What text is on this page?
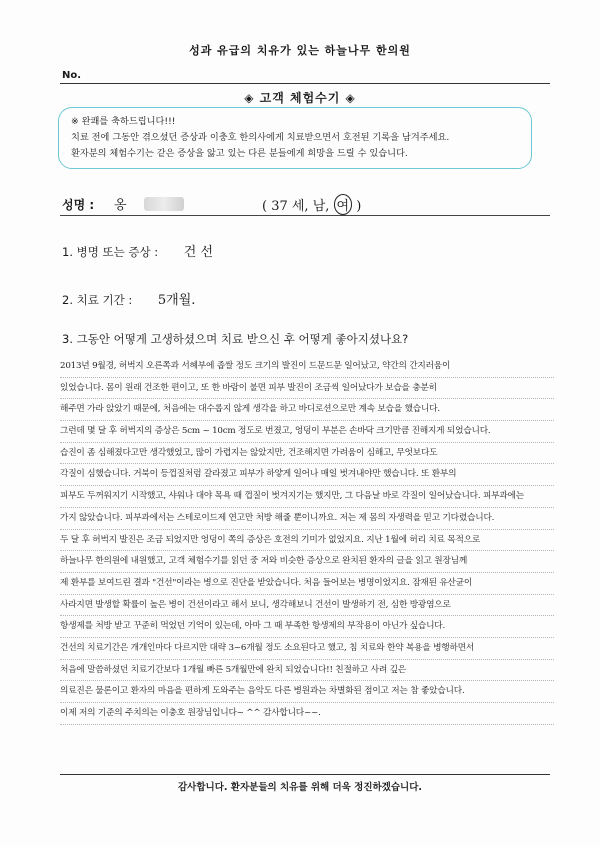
성과 유급의 치유가 있는 하늘나무 한의원
No.
◈ 고객 체험수기 ◈
※ 완쾌를 축하드립니다!!!
치료 전에 그동안 겪으셨던 증상과 이충호 한의사에게 치료받으면서 호전된 기록을 남겨주세요.
환자분의 체험수기는 같은 증상을 앓고 있는 다른 분들에게 희망을 드릴 수 있습니다.
성명 : 옹	( 37 세, 남, 여 )
1. 병명 또는 증상 : 건 선
2. 치료 기간 : 5개월.
3. 그동안 어떻게 고생하셨으며 치료 받으신 후 어떻게 좋아지셨나요?
2013년 9월경, 허벅지 오른쪽과 서혜부에 좁쌀 정도 크기의 발진이 드문드문 일어났고, 약간의 간지러움이
있었습니다. 몸이 원래 건조한 편이고, 또 한 바람이 불면 피부 발진이 조금씩 일어났다가 보습을 충분히
해주면 가라 앉았기 때문에, 처음에는 대수롭지 않게 생각을 하고 바디로션으로만 계속 보습을 했습니다.
그런데 몇 달 후 허벅지의 증상은 5cm ~ 10cm 정도로 번졌고, 엉덩이 부분은 손바닥 크기만큼 진해지게 되었습니다.
습진이 좀 심해졌다고만 생각했었고, 많이 가렵지는 않았지만, 건조해지면 가려움이 심해고, 무엇보다도
각질이 심했습니다. 거북이 등껍질처럼 갈라졌고 피부가 하얗게 일어나 매일 벗겨내야만 했습니다. 또 환부의
피부도 두꺼워지기 시작했고, 샤워나 대야 목욕 때 껍질이 벗겨지기는 했지만, 그 다음날 바로 각질이 일어났습니다. 피부과에는
가지 않았습니다. 피부과에서는 스테로이드제 연고만 처방 해줄 뿐이니까요. 저는 제 몸의 자생력을 믿고 기다렸습니다.
두 달 후 허벅지 발진은 조금 되었지만 엉덩이 쪽의 증상은 호전의 기미가 없었지요. 지난 1월에 허리 치료 목적으로
하늘나무 한의원에 내원했고, 고객 체험수기를 읽던 중 저와 비슷한 증상으로 완치된 환자의 글을 읽고 원장님께
제 환부를 보여드린 결과 "건선"이라는 병으로 진단을 받았습니다. 처음 들어보는 병명이었지요. 잠재된 유산균이
사라지면 발생할 확률이 높은 병이 건선이라고 해서 보니, 생각해보니 건선이 발생하기 전, 심한 방광염으로
항생제를 처방 받고 꾸준히 먹었던 기억이 있는데, 아마 그 때 부족한 항생제의 부작용이 아닌가 싶습니다.
건선의 치료기간은 개개인마다 다르지만 대략 3~6개월 정도 소요된다고 했고, 침 치료와 한약 복용을 병행하면서
처음에 말씀하셨던 치료기간보다 1개월 빠른 5개월만에 완치 되었습니다!! 친절하고 사려 깊은
의료진은 물론이고 환자의 마음을 편하게 도와주는 음악도 다른 병원과는 차별화된 점이고 저는 참 좋았습니다.
이제 저의 기준의 주치의는 이충호 원장님입니다~ ^^ 감사합니다~~.
감사합니다. 환자분들의 치유를 위해 더욱 정진하겠습니다.
